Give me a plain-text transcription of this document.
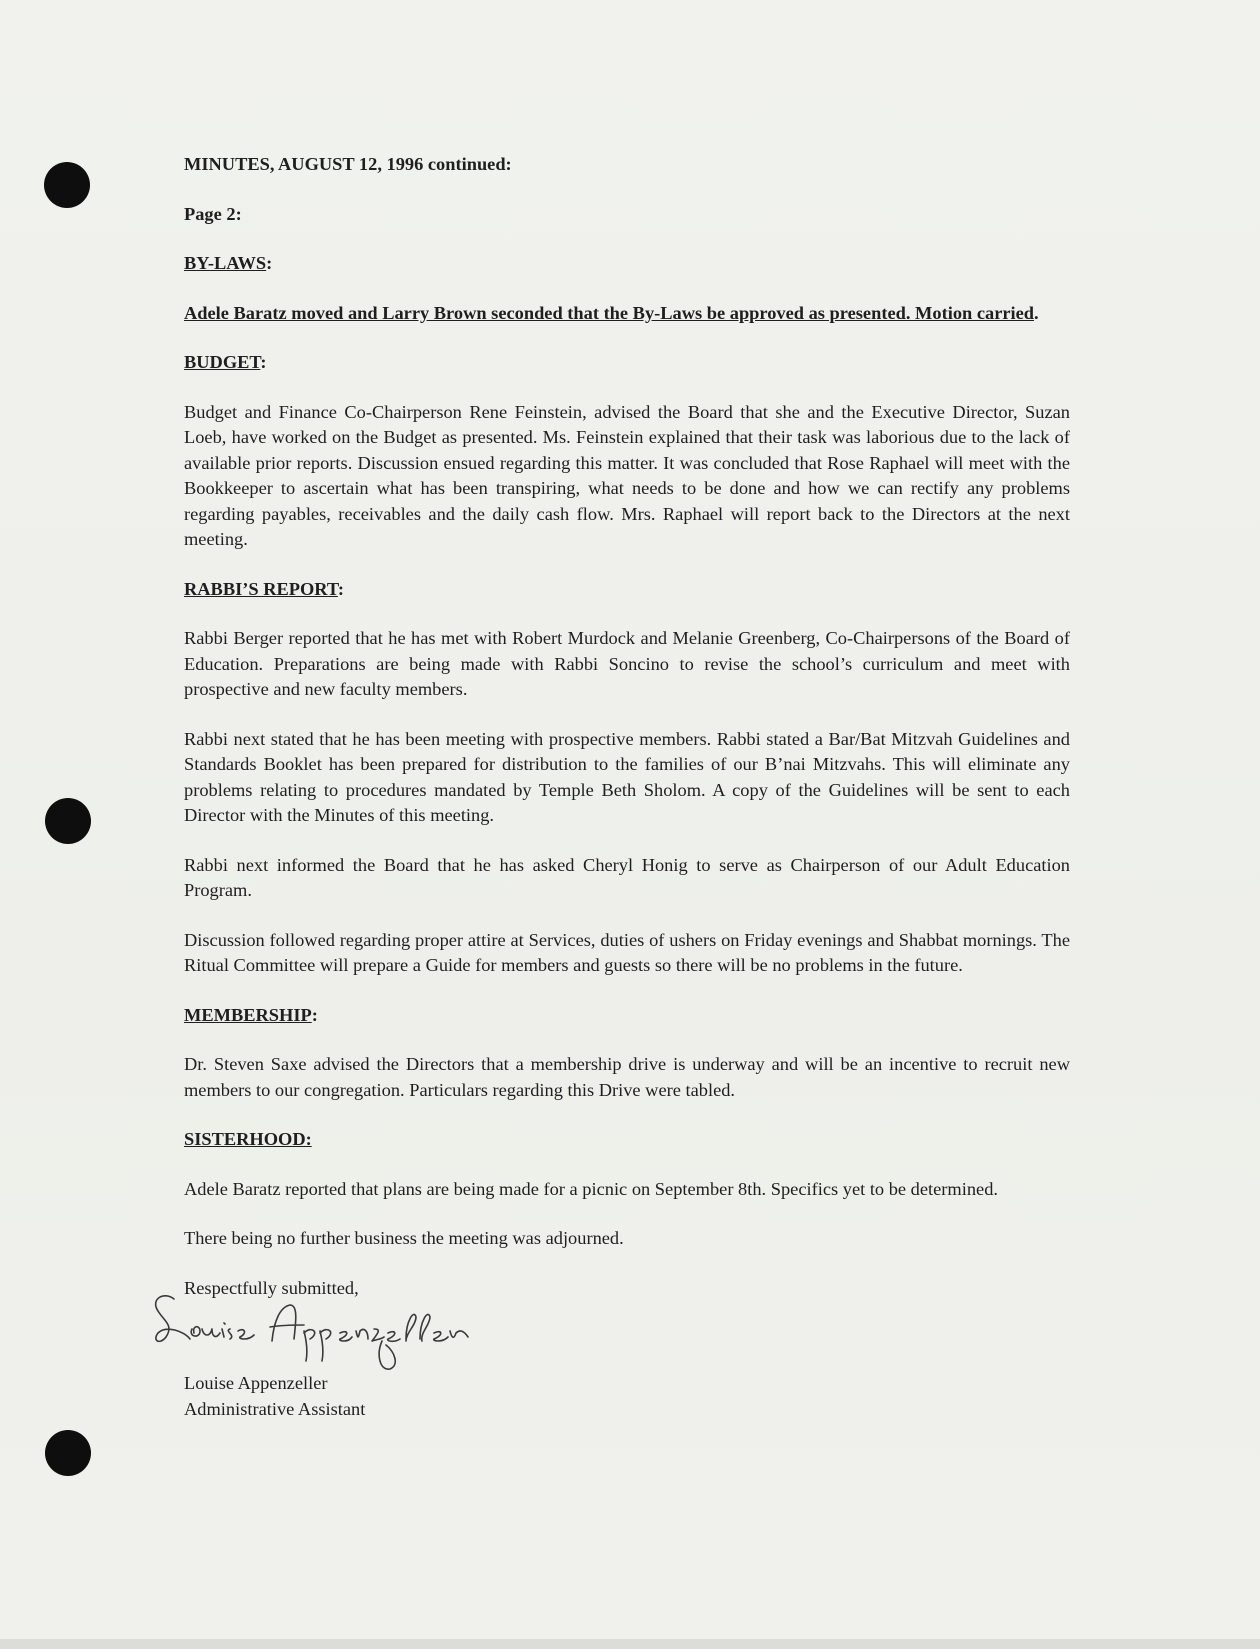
MINUTES, AUGUST 12, 1996 continued:

Page 2:

BY-LAWS:

Adele Baratz moved and Larry Brown seconded that the By-Laws be approved as presented. Motion carried.

BUDGET:

Budget and Finance Co-Chairperson Rene Feinstein, advised the Board that she and the Executive Director, Suzan Loeb, have worked on the Budget as presented. Ms. Feinstein explained that their task was laborious due to the lack of available prior reports. Discussion ensued regarding this matter. It was concluded that Rose Raphael will meet with the Bookkeeper to ascertain what has been transpiring, what needs to be done and how we can rectify any problems regarding payables, receivables and the daily cash flow. Mrs. Raphael will report back to the Directors at the next meeting.

RABBI’S REPORT:

Rabbi Berger reported that he has met with Robert Murdock and Melanie Greenberg, Co-Chairpersons of the Board of Education. Preparations are being made with Rabbi Soncino to revise the school’s curriculum and meet with prospective and new faculty members.

Rabbi next stated that he has been meeting with prospective members. Rabbi stated a Bar/Bat Mitzvah Guidelines and Standards Booklet has been prepared for distribution to the families of our B’nai Mitzvahs. This will eliminate any problems relating to procedures mandated by Temple Beth Sholom. A copy of the Guidelines will be sent to each Director with the Minutes of this meeting.

Rabbi next informed the Board that he has asked Cheryl Honig to serve as Chairperson of our Adult Education Program.

Discussion followed regarding proper attire at Services, duties of ushers on Friday evenings and Shabbat mornings. The Ritual Committee will prepare a Guide for members and guests so there will be no problems in the future.

MEMBERSHIP:

Dr. Steven Saxe advised the Directors that a membership drive is underway and will be an incentive to recruit new members to our congregation. Particulars regarding this Drive were tabled.

SISTERHOOD:

Adele Baratz reported that plans are being made for a picnic on September 8th. Specifics yet to be determined.

There being no further business the meeting was adjourned.

Respectfully submitted,

Louise Appenzeller

Administrative Assistant
